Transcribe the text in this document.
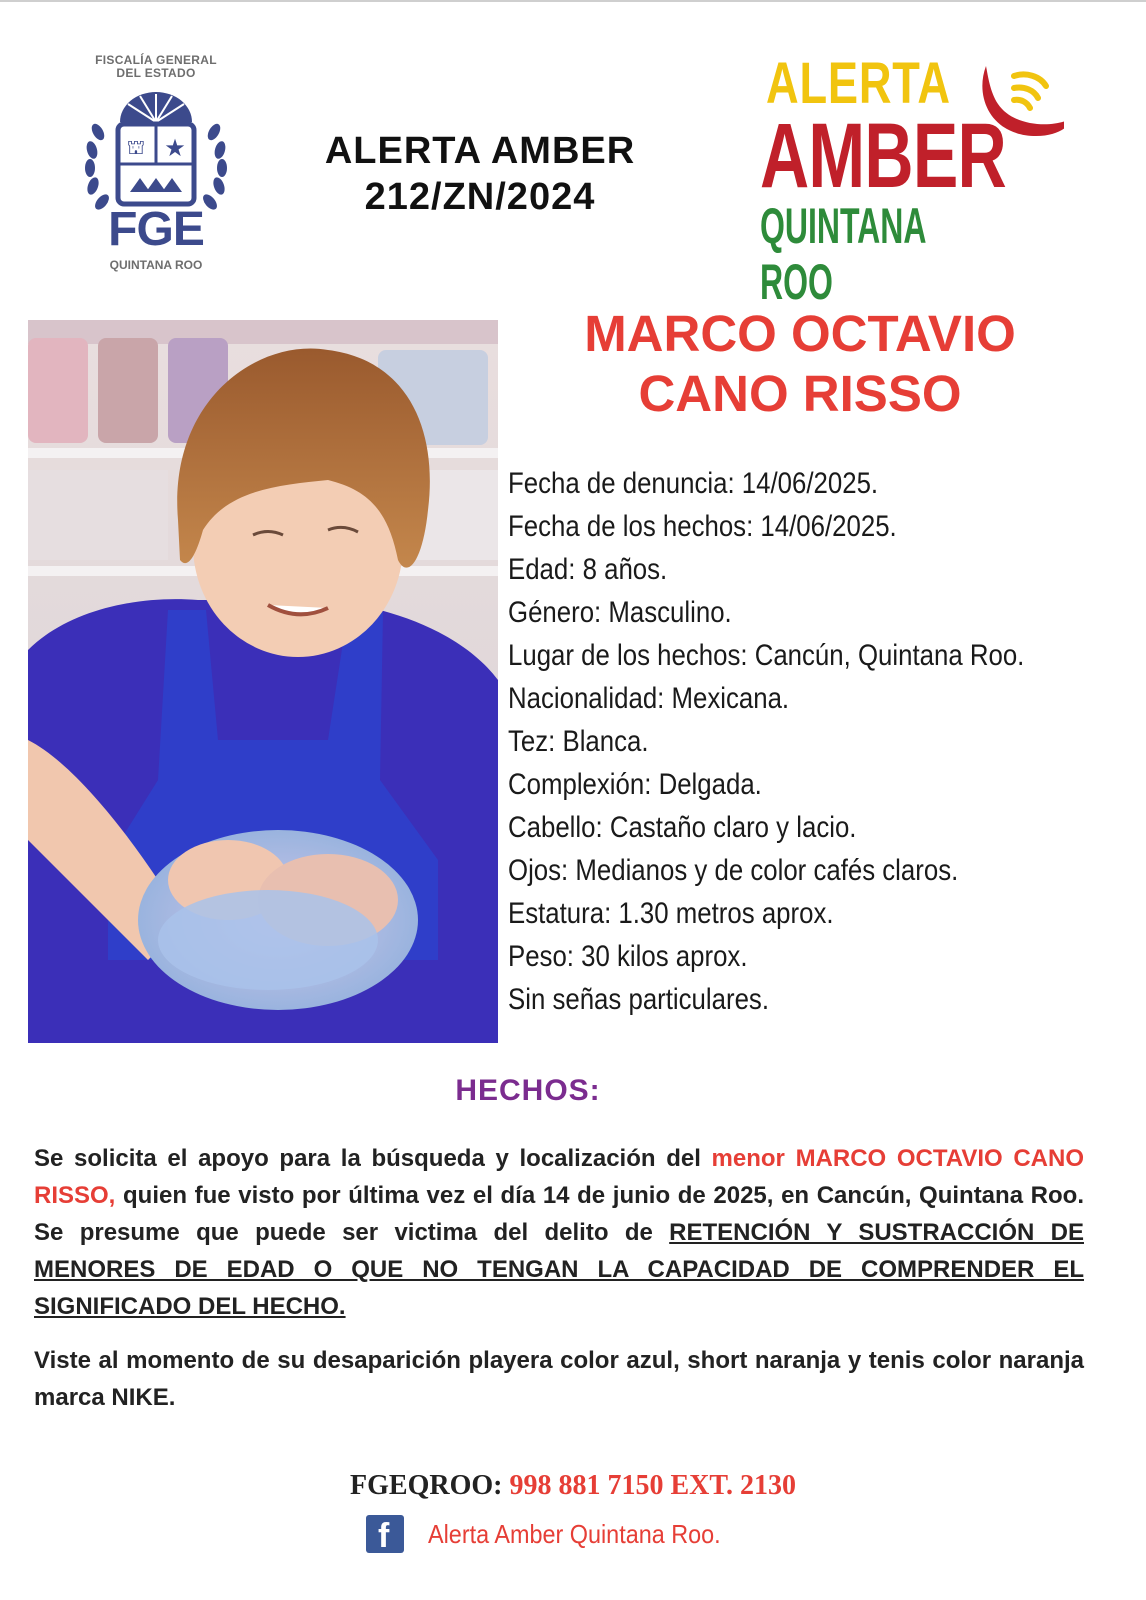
FISCALÍA GENERAL
DEL ESTADO
⛫ ★
FGE
QUINTANA ROO
ALERTA AMBER
212/ZN/2024
ALERTA
AMBER
QUINTANA ROO
MARCO OCTAVIO
CANO RISSO
Fecha de denuncia: 14/06/2025.
Fecha de los hechos: 14/06/2025.
Edad: 8 años.
Género: Masculino.
Lugar de los hechos: Cancún, Quintana Roo.
Nacionalidad: Mexicana.
Tez: Blanca.
Complexión: Delgada.
Cabello: Castaño claro y lacio.
Ojos: Medianos y de color cafés claros.
Estatura: 1.30 metros aprox.
Peso: 30 kilos aprox.
Sin señas particulares.
HECHOS:
Se solicita el apoyo para la búsqueda y localización del menor MARCO OCTAVIO CANO RISSO, quien fue visto por última vez el día 14 de junio de 2025, en Cancún, Quintana Roo. Se presume que puede ser victima del delito de RETENCIÓN Y SUSTRACCIÓN DE MENORES DE EDAD O QUE NO TENGAN LA CAPACIDAD DE COMPRENDER EL SIGNIFICADO DEL HECHO.
Viste al momento de su desaparición playera color azul, short naranja y tenis color naranja marca NIKE.
FGEQROO: 998 881 7150 EXT. 2130
f Alerta Amber Quintana Roo.
